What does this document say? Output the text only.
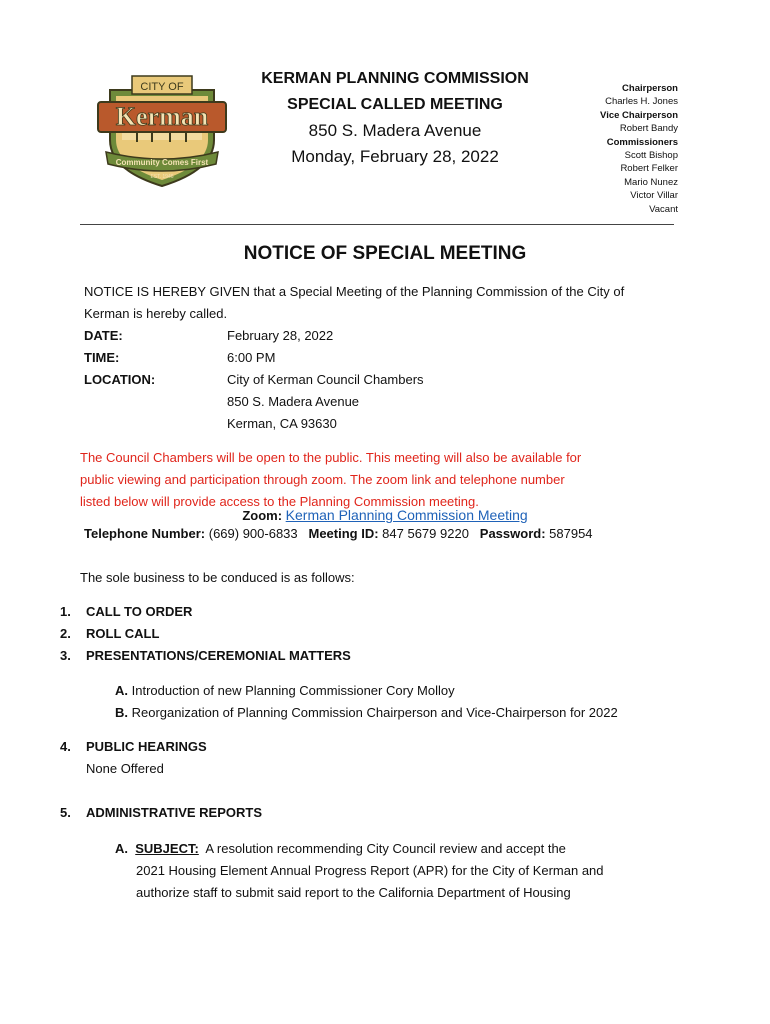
Kerman
CITY OF
Community Comes First
EST. 1946
KERMAN PLANNING COMMISSION
SPECIAL CALLED MEETING
850 S. Madera Avenue
Monday, February 28, 2022
Chairperson
Charles H. Jones
Vice Chairperson
Robert Bandy
Commissioners
Scott Bishop
Robert Felker
Mario Nunez
Victor Villar
Vacant
NOTICE OF SPECIAL MEETING
NOTICE IS HEREBY GIVEN that a Special Meeting of the Planning Commission of the City of
Kerman is hereby called.
DATE:	February 28, 2022
TIME:	6:00 PM
LOCATION:	City of Kerman Council Chambers
850 S. Madera Avenue
Kerman, CA 93630
The Council Chambers will be open to the public. This meeting will also be available for
public viewing and participation through zoom. The zoom link and telephone number
listed below will provide access to the Planning Commission meeting.
Zoom: Kerman Planning Commission Meeting
Telephone Number: (669) 900-6833 Meeting ID: 847 5679 9220 Password: 587954
The sole business to be conduced is as follows:
1. CALL TO ORDER
2. ROLL CALL
3. PRESENTATIONS/CEREMONIAL MATTERS
A. Introduction of new Planning Commissioner Cory Molloy
B. Reorganization of Planning Commission Chairperson and Vice-Chairperson for 2022
4. PUBLIC HEARINGS
None Offered
5. ADMINISTRATIVE REPORTS
A. SUBJECT: A resolution recommending City Council review and accept the
2021 Housing Element Annual Progress Report (APR) for the City of Kerman and
authorize staff to submit said report to the California Department of Housing
